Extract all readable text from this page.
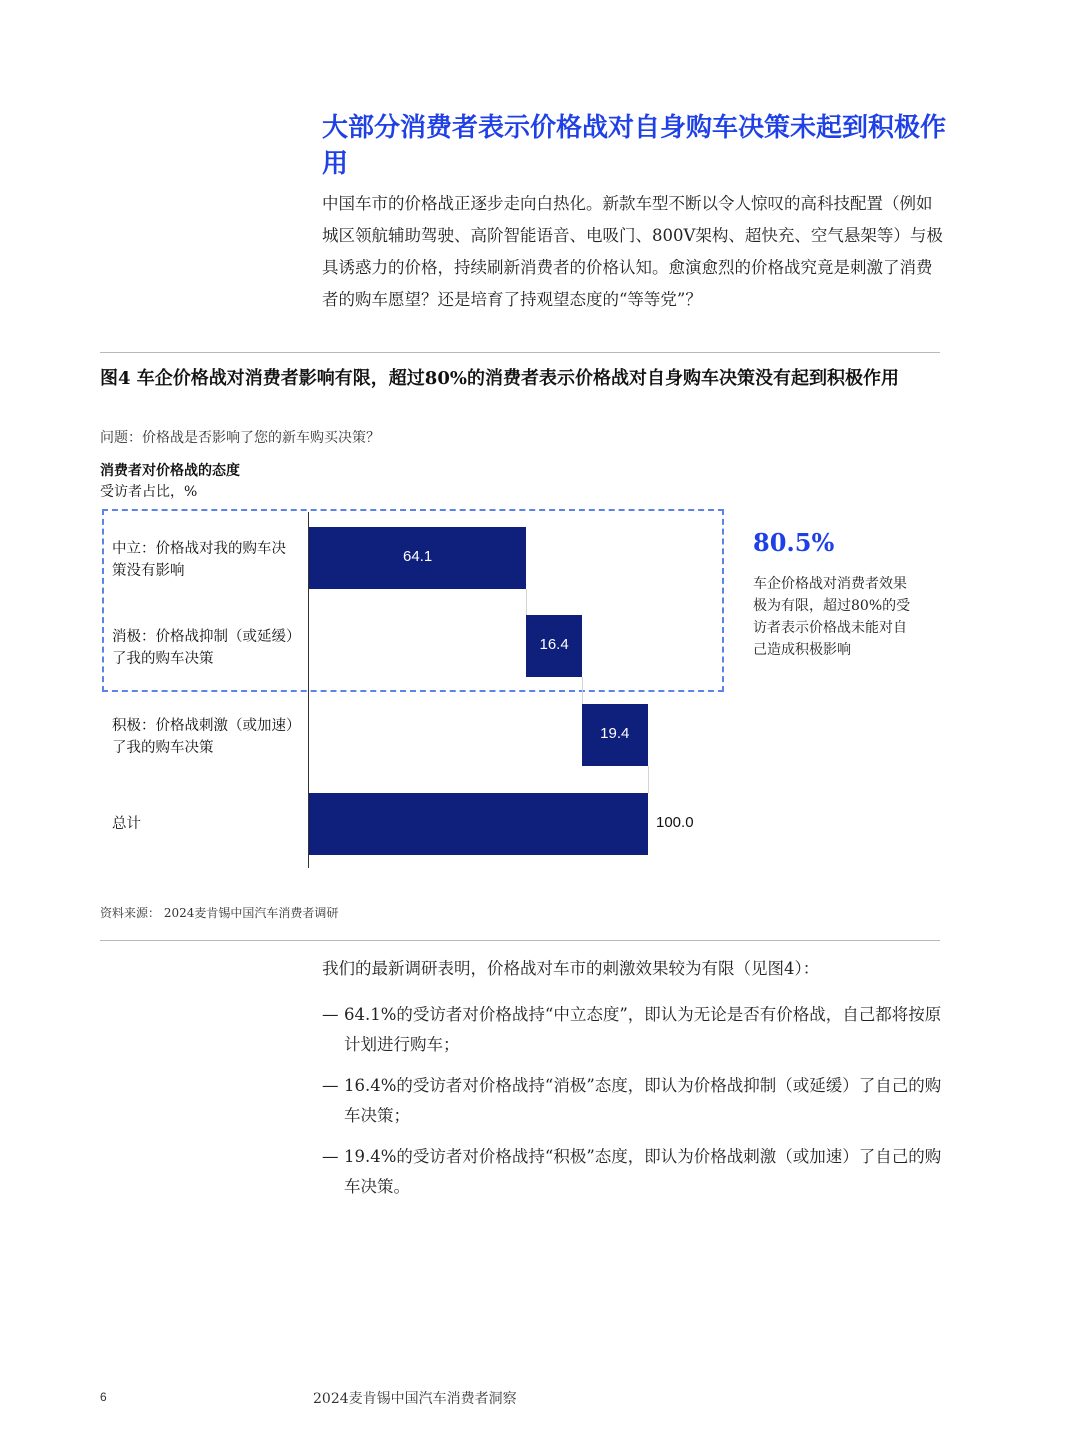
大部分消费者表示价格战对自身购车决策未起到积极作用

中国车市的价格战正逐步走向白热化。新款车型不断以令人惊叹的高科技配置（例如城区领航辅助驾驶、高阶智能语音、电吸门、800V架构、超快充、空气悬架等）与极具诱惑力的价格，持续刷新消费者的价格认知。愈演愈烈的价格战究竟是刺激了消费者的购车愿望？还是培育了持观望态度的“等等党”？

图4 车企价格战对消费者影响有限，超过80%的消费者表示价格战对自身购车决策没有起到积极作用
问题：价格战是否影响了您的新车购买决策？
消费者对价格战的态度
受访者占比，%
中立：价格战对我的购车决策没有影响
消极：价格战抑制（或延缓）了我的购车决策
积极：价格战刺激（或加速）了我的购车决策
总计
64.1
16.4
19.4
100.0
80.5%
车企价格战对消费者效果极为有限，超过80%的受访者表示价格战未能对自己造成积极影响
资料来源： 2024麦肯锡中国汽车消费者调研
我们的最新调研表明，价格战对车市的刺激效果较为有限（见图4）：
— 64.1%的受访者对价格战持“中立态度”，即认为无论是否有价格战，自己都将按原计划进行购车；
— 16.4%的受访者对价格战持“消极”态度，即认为价格战抑制（或延缓）了自己的购车决策；
— 19.4%的受访者对价格战持“积极”态度，即认为价格战刺激（或加速）了自己的购车决策。
6	2024麦肯锡中国汽车消费者洞察
